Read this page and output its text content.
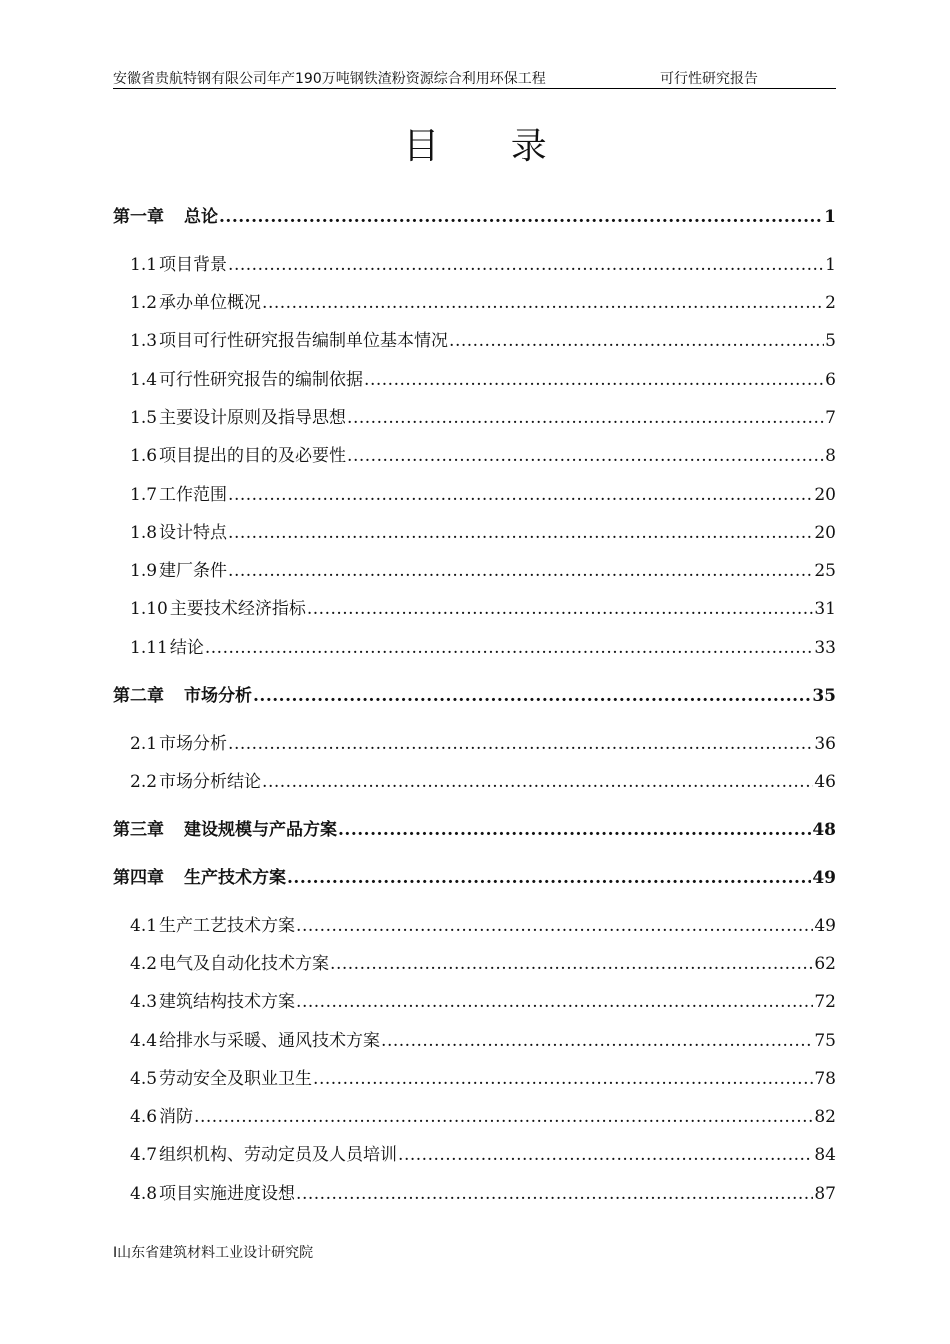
安徽省贵航特钢有限公司年产190万吨钢铁渣粉资源综合利用环保工程	可行性研究报告
目 录
第一章 总论 .....	1
1.1 项目背景 .....	1
1.2 承办单位概况 .....	2
1.3 项目可行性研究报告编制单位基本情况 .....	5
1.4 可行性研究报告的编制依据 .....	6
1.5 主要设计原则及指导思想 .....	7
1.6 项目提出的目的及必要性 .....	8
1.7 工作范围 .....	20
1.8 设计特点 .....	20
1.9 建厂条件 .....	25
1.10 主要技术经济指标 .....	31
1.11 结论 .....	33
第二章 市场分析 .....	35
2.1 市场分析 .....	36
2.2 市场分析结论 .....	46
第三章 建设规模与产品方案 .....	48
第四章 生产技术方案 .....	49
4.1 生产工艺技术方案 .....	49
4.2 电气及自动化技术方案 .....	62
4.3 建筑结构技术方案 .....	72
4.4 给排水与采暖、通风技术方案 .....	75
4.5 劳动安全及职业卫生 .....	78
4.6 消防 .....	82
4.7 组织机构、劳动定员及人员培训 .....	84
4.8 项目实施进度设想 .....	87
I山东省建筑材料工业设计研究院
